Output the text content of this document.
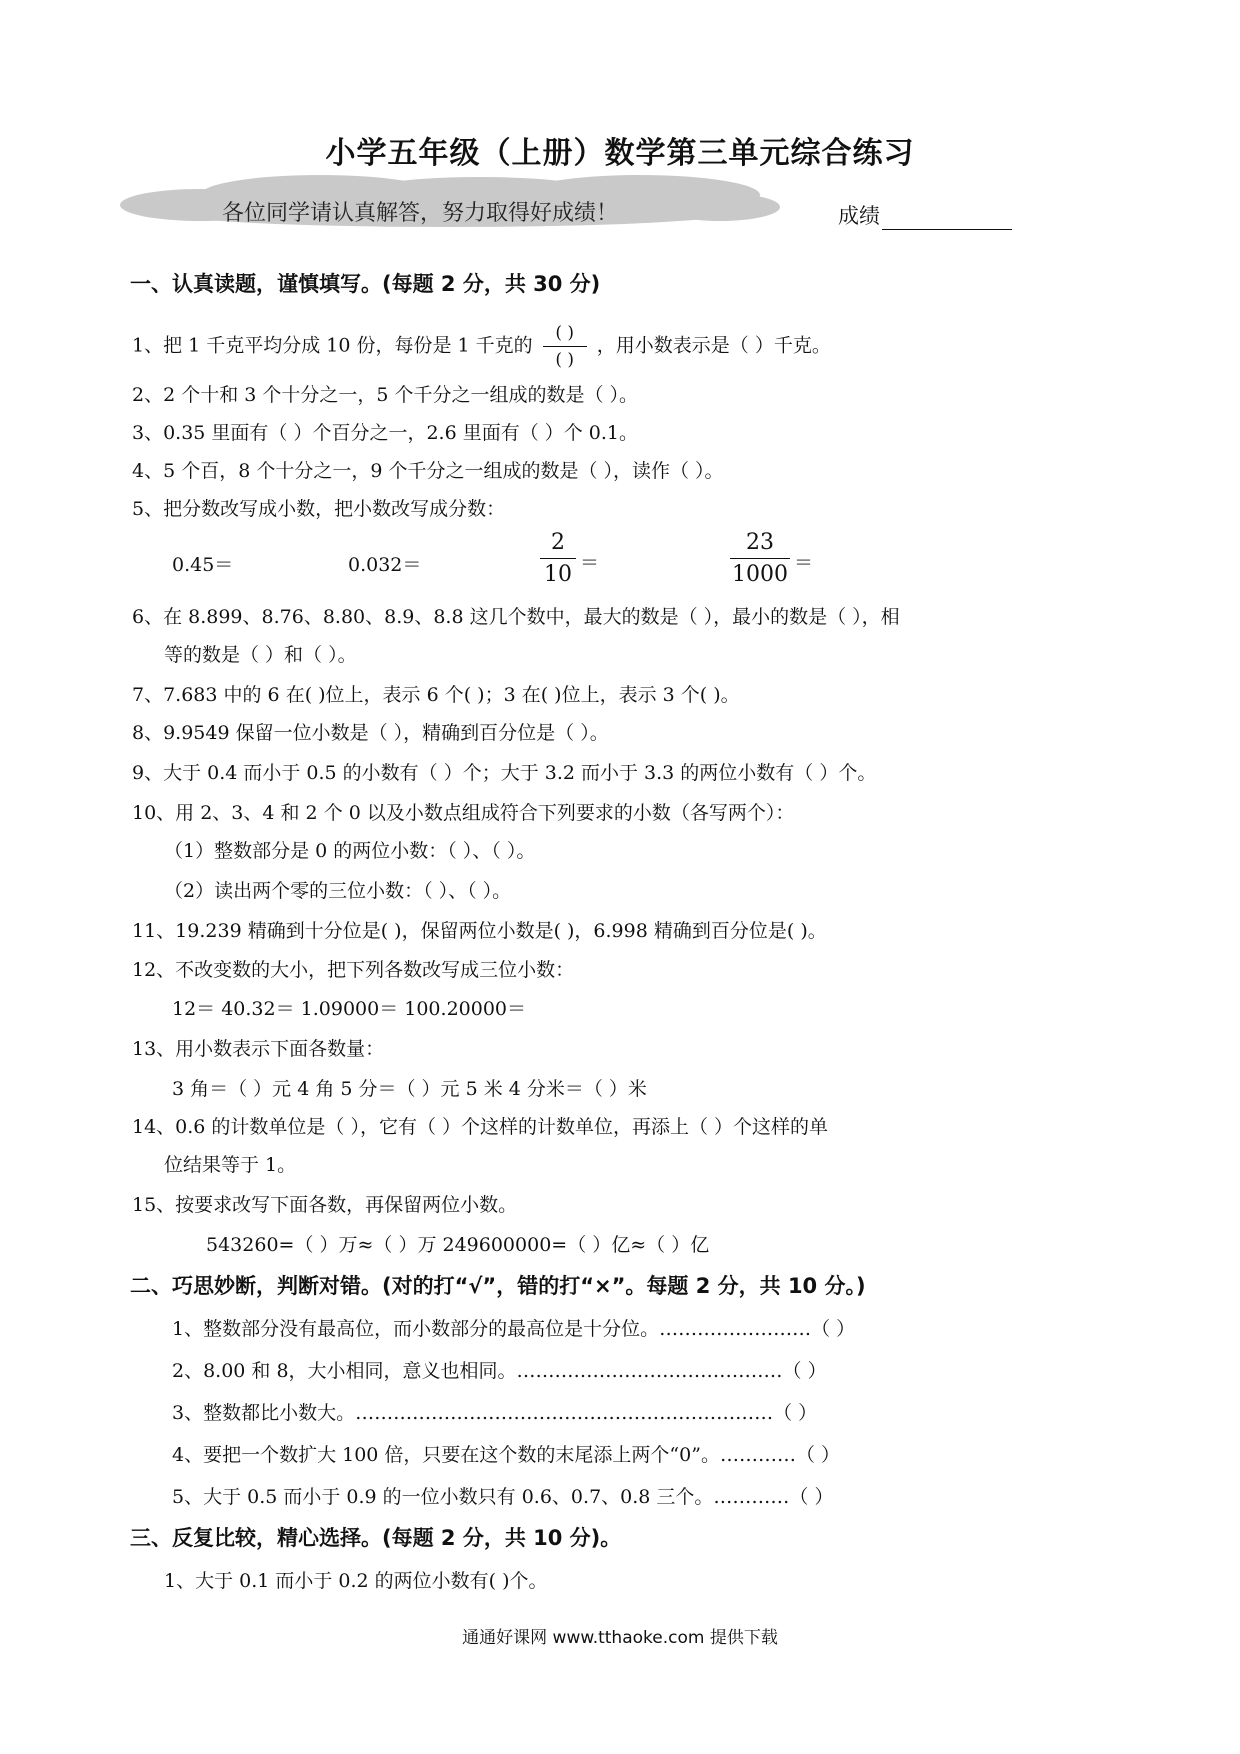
小学五年级（上册）数学第三单元综合练习
成绩
一、认真读题，谨慎填写。(每题 2 分，共 30 分)
1、把 1 千克平均分成 10 份，每份是 1 千克的 $\frac{( )}{( )}$ ，用小数表示是（ ）千克。
2、2 个十和 3 个十分之一，5 个千分之一组成的数是（ ）。
3、0.35 里面有（ ）个百分之一，2.6 里面有（ ）个 0.1。
4、5 个百，8 个十分之一，9 个千分之一组成的数是（ ），读作（ ）。
5、把分数改写成小数，把小数改写成分数：
0.45＝	0.032＝
2
10 ＝
23
1000 ＝
6、在 8.899、8.76、8.80、8.9、8.8 这几个数中，最大的数是（ ），最小的数是（ ），相
等的数是（ ）和（ ）。
7、7.683 中的 6 在( )位上，表示 6 个( )；3 在( )位上，表示 3 个( )。
8、9.9549 保留一位小数是（ ），精确到百分位是（ ）。
9、大于 0.4 而小于 0.5 的小数有（ ）个；大于 3.2 而小于 3.3 的两位小数有（ ）个。
10、用 2、3、4 和 2 个 0 以及小数点组成符合下列要求的小数（各写两个）：
（1）整数部分是 0 的两位小数：（ ）、（ ）。
（2）读出两个零的三位小数：（ ）、（ ）。
11、19.239 精确到十分位是( )，保留两位小数是( )，6.998 精确到百分位是( )。
12、不改变数的大小，把下列各数改写成三位小数：
12＝ 40.32＝ 1.09000＝ 100.20000＝
13、用小数表示下面各数量：
3 角＝（ ）元 4 角 5 分＝（ ）元 5 米 4 分米＝（ ）米
14、0.6 的计数单位是（ ），它有（ ）个这样的计数单位，再添上（ ）个这样的单
位结果等于 1。
15、按要求改写下面各数，再保留两位小数。
543260=（ ）万≈（ ）万 249600000=（ ）亿≈（ ）亿
二、巧思妙断，判断对错。(对的打“√”，错的打“×”。每题 2 分，共 10 分。)
1、整数部分没有最高位，而小数部分的最高位是十分位。……………………（ ）
2、8.00 和 8，大小相同，意义也相同。……………………………………（ ）
3、整数都比小数大。…………………………………………………………（ ）
4、要把一个数扩大 100 倍，只要在这个数的末尾添上两个“0”。…………（ ）
5、大于 0.5 而小于 0.9 的一位小数只有 0.6、0.7、0.8 三个。…………（ ）
三、反复比较，精心选择。(每题 2 分，共 10 分)。
1、大于 0.1 而小于 0.2 的两位小数有( )个。
通通好课网 www.tthaoke.com 提供下载
